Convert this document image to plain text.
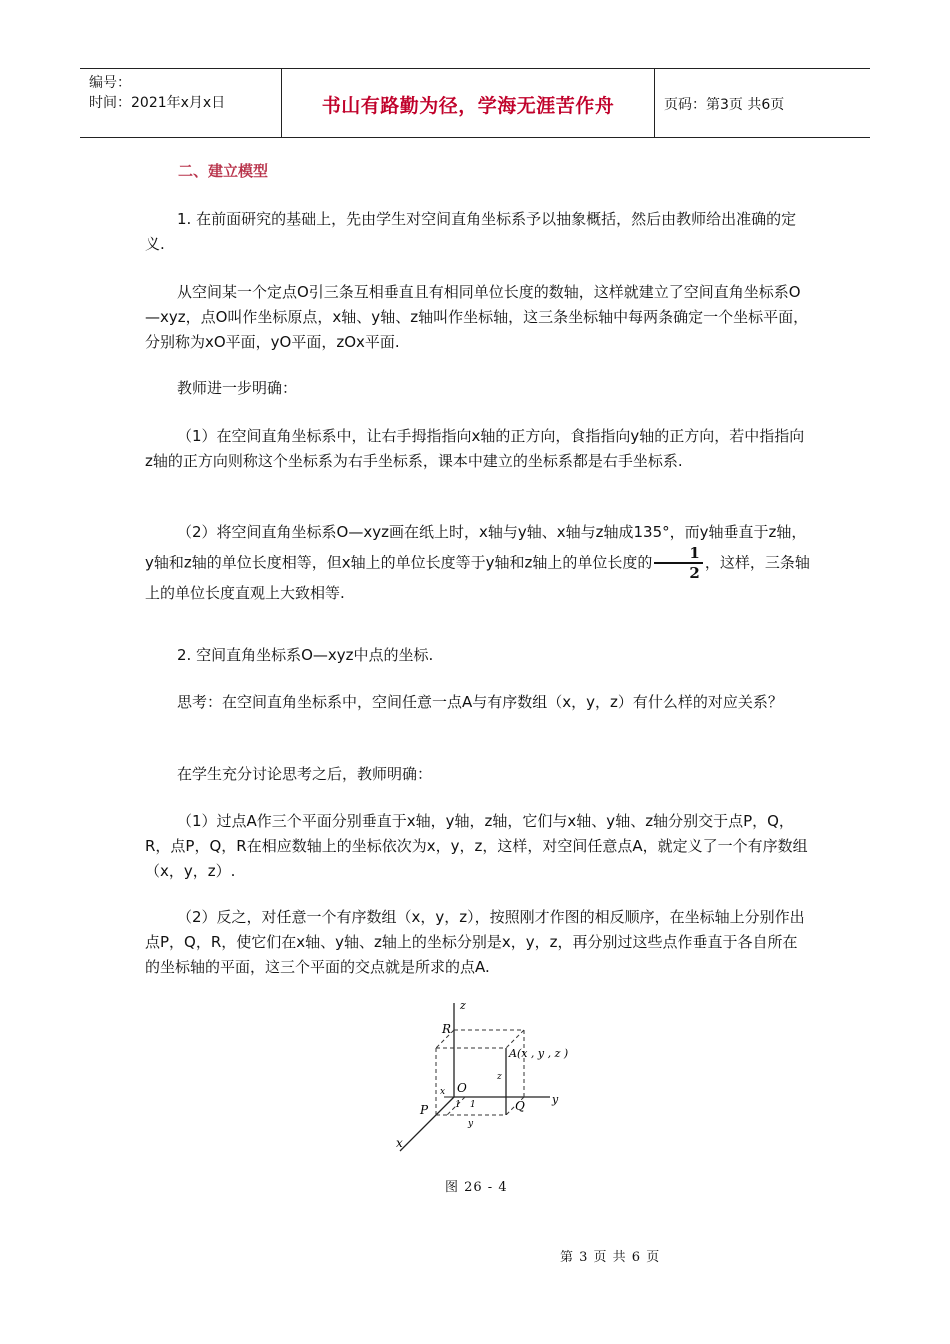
编号：
时间：2021年x月x日	书山有路勤为径，学海无涯苦作舟	页码：第3页 共6页
二、建立模型
1. 在前面研究的基础上，先由学生对空间直角坐标系予以抽象概括，然后由教师给出准确的定义.
从空间某一个定点O引三条互相垂直且有相同单位长度的数轴，这样就建立了空间直角坐标系O—xyz，点O叫作坐标原点，x轴、y轴、z轴叫作坐标轴，这三条坐标轴中每两条确定一个坐标平面，分别称为xO平面，yO平面，zOx平面.
教师进一步明确：
（1）在空间直角坐标系中，让右手拇指指向x轴的正方向，食指指向y轴的正方向，若中指指向z轴的正方向则称这个坐标系为右手坐标系，课本中建立的坐标系都是右手坐标系.
（2）将空间直角坐标系O—xyz画在纸上时，x轴与y轴、x轴与z轴成135°，而y轴垂直于z轴，y轴和z轴的单位长度相等，但x轴上的单位长度等于y轴和z轴上的单位长度的 $\frac{1}{2}$ ，这样，三条轴上的单位长度直观上大致相等.
2. 空间直角坐标系O—xyz中点的坐标.
思考：在空间直角坐标系中，空间任意一点A与有序数组（x，y，z）有什么样的对应关系？
在学生充分讨论思考之后，教师明确：
（1）过点A作三个平面分别垂直于x轴，y轴，z轴，它们与x轴、y轴、z轴分别交于点P，Q，R，点P，Q，R在相应数轴上的坐标依次为x，y，z，这样，对空间任意点A，就定义了一个有序数组（x，y，z）.
（2）反之，对任意一个有序数组（x，y，z），按照刚才作图的相反顺序，在坐标轴上分别作出点P，Q，R，使它们在x轴、y轴、z轴上的坐标分别是x，y，z，再分别过这些点作垂直于各自所在的坐标轴的平面，这三个平面的交点就是所求的点A.
z
R
A(x , y , z )
O
z
x
1 1
P	Q y
y
x
图 26 - 4
第 3 页 共 6 页
